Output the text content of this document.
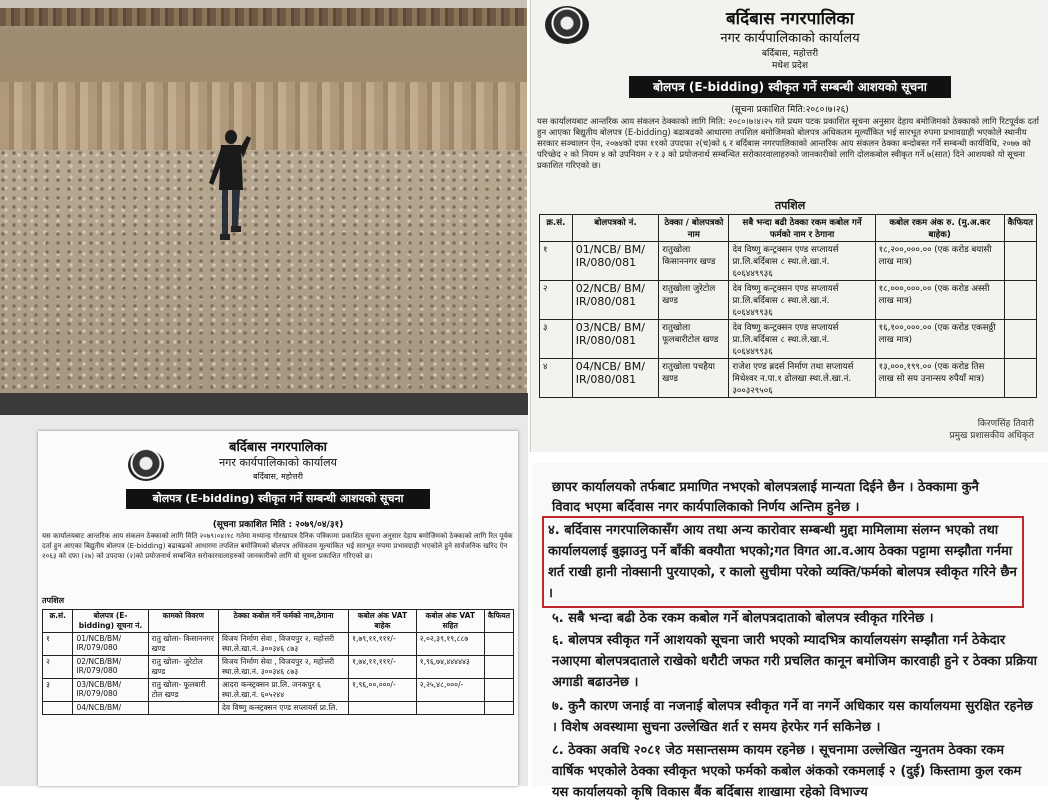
बर्दिबास नगरपालिका
नगर कार्यपालिकाको कार्यालय
बर्दिबास, महोत्तरी
मधेश प्रदेश
बोलपत्र (E-bidding) स्वीकृत गर्ने सम्बन्धी आशयको सूचना
(सूचना प्रकाशित मिति:२०८०।७।२६)
यस कार्यालयबाट आन्तरिक आय संकलन ठेक्काको लागि मिति: २०८०।७।४।२५ गते प्रथम पटक प्रकाशित सूचना अनुसार देहाय बमोजिमको ठेक्काको लागि रिटपूर्वक दर्ता हुन आएका बिद्युतीय बोलपत्र (E-bidding) बढाबढको आधारमा तपशिल बमोजिमको बोलपत्र अधिकतम मूल्याँकित भई सारभूत रुपमा प्रभावग्राही भएकोले स्थानीय सरकार सञ्चालन ऐन, २०७४को दफा ११को उपदफा २(च)को ६ र बर्दिबास नगरपालिकाको आन्तरिक आय संकलन ठेक्का बन्दोबस्त गर्ने सम्बन्धी कार्यविधि, २०७७ को परिच्छेद २ को नियम ४ को उपनियम २ र ३ को प्रयोजनार्थ सम्बन्धित सरोकारवालाहरुको जानकारीको लागि दोलकबोल स्वीकृत गर्ने ७(सात) दिने आशयको यो सूचना प्रकाशित गरिएको छ।
तपशिल
क्र.सं.	बोलपत्रको नं.	ठेक्का / बोलपत्रको नाम	सबै भन्दा बढी ठेक्का रकम कबोल गर्ने फर्मको नाम र ठेगाना	कबोल रकम अंक रु. (मु.अ.कर बाहेक)	कैफियत
१	01/NCB/ BM/ IR/080/081	रातुखोला किसाननगर खण्ड	देव विष्णु कन्ट्रक्सन एण्ड सप्लायर्स प्रा.लि.बर्दिबास ८ स्था.ले.खा.नं. ६०६४४९९३६	१८,२००,०००.०० (एक करोड बयासी लाख मात्र)	
२	02/NCB/ BM/ IR/080/081	रातुखोला जुरेटोल खण्ड	देव विष्णु कन्ट्रक्सन एण्ड सप्लायर्स प्रा.लि.बर्दिबास ८ स्था.ले.खा.नं. ६०६४४९९३६	१८,०००,०००.०० (एक करोड अस्सी लाख मात्र)	
३	03/NCB/ BM/ IR/080/081	रातुखोला फूलबारीटोल खण्ड	देव विष्णु कन्ट्रक्सन एण्ड सप्लायर्स प्रा.लि.बर्दिबास ८ स्था.ले.खा.नं. ६०६४४९९३६	१६,१००,०००.०० (एक करोड एकसठ्ठी लाख मात्र)	
४	04/NCB/ BM/ IR/080/081	रातुखोला पचहैया खण्ड	राजेश एण्ड ब्रदर्स निर्माण तथा सप्लायर्स मिथेश्वर न.पा.१ ढोलखा स्था.ले.खा.नं. ३००३२९५०६	१३,०००,१९९.०० (एक करोड तिस लाख सो सय उनान्सय रुपैयाँ मात्र)	
किरणसिंह तिवारी
प्रमुख प्रशासकीय अधिकृत
बर्दिबास नगरपालिका
नगर कार्यपालिकाको कार्यालय
बर्दिबास, महोत्तरी
बोलपत्र (E-bidding) स्वीकृत गर्ने सम्बन्धी आशयको सूचना
(सूचना प्रकाशित मिति : २०७९/०४/३१)
यस कार्यालयबाट आन्तरिक आय संकलन ठेक्काको लागि मिति २०७९।०४।१८ गतेमा मध्यान्ह गोरखापत्र दैनिक पत्रिकामा प्रकाशित सूचना अनुसार देहाय बमोजिमको ठेक्काको लागि रित पूर्वक दर्ता हुन आएका बिद्युतीय बोलपत्र (E-bidding) बढाबढको आधारमा तपशिल बमोजिमको बोलपत्र अधिकतम मूल्यांकित भई सारभूत रुपमा प्रभावग्राही भएकोले हुने सार्वजनिक खरिद ऐन २०६३ को दफा (२७) को उपदफा (२)को प्रयोजनार्थ सम्बन्धित सरोकारवालाहरुको जानकारीको लागि यो सूचना प्रकाशित गरिएको छ।
तपशिल
क्र.सं.	बोलपत्र (E-bidding) सूचना नं.	कामको विवरण	ठेक्का कबोल गर्ने फर्मको नाम,ठेगाना	कबोल अंक VAT बाहेक	कबोल अंक VAT सहित	कैफियत
१	01/NCB/BM/ IR/079/080	रातु खोला- किसाननगर खण्ड	विजय निर्माण सेवा , विजयपुर २, महोत्तरी स्था.ले.खा.नं. ३००३४६ ८७३	१,७९,११,१११/-	२,०२,३९,१९,८८७	
२	02/NCB/BM/ IR/079/080	रातु खोला- जुरेटोल खण्ड	विजय निर्माण सेवा , विजयपुर २, महोत्तरी स्था.ले.खा.नं. ३००३४६ ८७३	१,७४,११,१११/-	१,९६,७४,४४४४४३	
३	03/NCB/BM/ IR/079/080	रातु खोला- फूलबारी टोल खण्ड	आदरा कन्स्ट्रक्सन प्रा.लि. जनकपुर ६ स्था.ले.खा.नं. ६०५२४४	१,९६,००,०००/-	२,२५,४८,०००/-	
	04/NCB/BM/		देव विष्णु कन्स्ट्रक्सन एण्ड सप्लायर्स प्रा.लि.			
छापर कार्यालयको तर्फबाट प्रमाणित नभएको बोलपत्रलाई मान्यता दिईने छैन । ठेक्कामा कुनै
विवाद भएमा बर्दिवास नगर कार्यपालिकाको निर्णय अन्तिम हुनेछ ।
४. बर्दिवास नगरपालिकासँग आय तथा अन्य कारोवार सम्बन्धी मुद्दा मामिलामा संलग्न भएको तथा कार्यालयलाई बुझाउनु पर्ने बाँकी बक्यौता भएको;गत विगत आ.व.आय ठेक्का पट्टामा सम्झौता गर्नमा शर्त राखी हानी नोक्सानी पुरयाएको, र कालो सुचीमा परेको व्यक्ति/फर्मको बोलपत्र स्वीकृत गरिने छैन ।
५. सबै भन्दा बढी ठेक रकम कबोल गर्ने बोलपत्रदाताको बोलपत्र स्वीकृत गरिनेछ ।
६. बोलपत्र स्वीकृत गर्ने आशयको सूचना जारी भएको म्यादभित्र कार्यालयसंग सम्झौता गर्न ठेकेदार नआएमा बोलपत्रदाताले राखेको धरौटी जफत गरी प्रचलित कानून बमोजिम कारवाही हुने र ठेक्का प्रक्रिया अगाडी बढाउनेछ ।
७. कुनै कारण जनाई वा नजनाई बोलपत्र स्वीकृत गर्ने वा नगर्ने अधिकार यस कार्यालयमा सुरक्षित रहनेछ । विशेष अवस्थामा सुचना उल्लेखित शर्त र समय हेरफेर गर्न सकिनेछ ।
८. ठेक्का अवधि २०८१ जेठ मसान्तसम्म कायम रहनेछ । सूचनामा उल्लेखित न्युनतम ठेक्का रकम वार्षिक भएकोले ठेक्का स्वीकृत भएको फर्मको कबोल अंकको रकमलाई २ (दुई) किस्तामा कुल रकम यस कार्यालयको कृषि विकास बैंक बर्दिबास शाखामा रहेको विभाज्य
